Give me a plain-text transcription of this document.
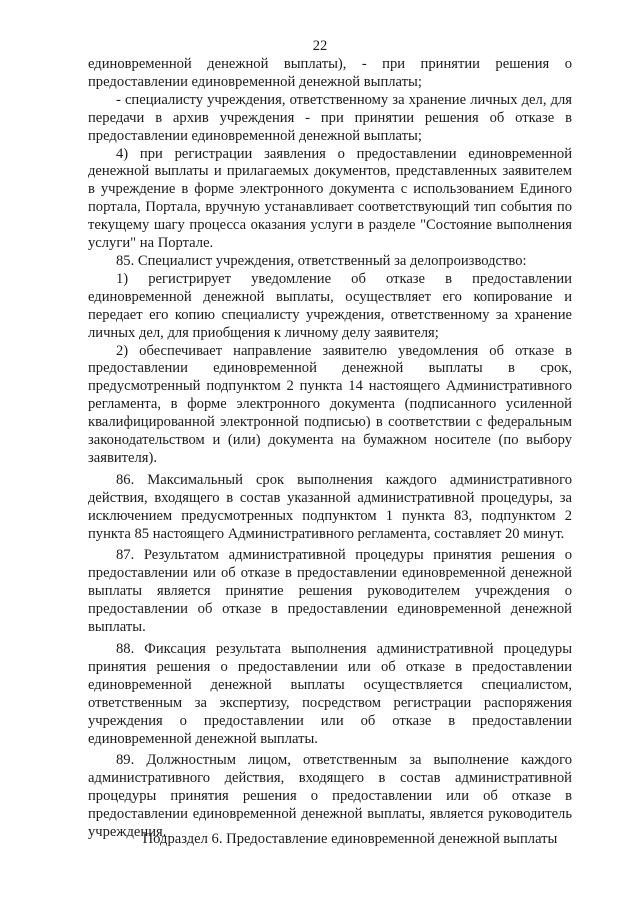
22

единовременной денежной выплаты), - при принятии решения о предоставлении единовременной денежной выплаты;

- специалисту учреждения, ответственному за хранение личных дел, для передачи в архив учреждения - при принятии решения об отказе в предоставлении единовременной денежной выплаты;

4) при регистрации заявления о предоставлении единовременной денежной выплаты и прилагаемых документов, представленных заявителем в учреждение в форме электронного документа с использованием Единого портала, Портала, вручную устанавливает соответствующий тип события по текущему шагу процесса оказания услуги в разделе "Состояние выполнения услуги" на Портале.

85. Специалист учреждения, ответственный за делопроизводство:

1) регистрирует уведомление об отказе в предоставлении единовременной денежной выплаты, осуществляет его копирование и передает его копию специалисту учреждения, ответственному за хранение личных дел, для приобщения к личному делу заявителя;

2) обеспечивает направление заявителю уведомления об отказе в предоставлении единовременной денежной выплаты в срок, предусмотренный подпунктом 2 пункта 14 настоящего Административного регламента, в форме электронного документа (подписанного усиленной квалифицированной электронной подписью) в соответствии с федеральным законодательством и (или) документа на бумажном носителе (по выбору заявителя).

86. Максимальный срок выполнения каждого административного действия, входящего в состав указанной административной процедуры, за исключением предусмотренных подпунктом 1 пункта 83, подпунктом 2 пункта 85 настоящего Административного регламента, составляет 20 минут.

87. Результатом административной процедуры принятия решения о предоставлении или об отказе в предоставлении единовременной денежной выплаты является принятие решения руководителем учреждения о предоставлении об отказе в предоставлении единовременной денежной выплаты.

88. Фиксация результата выполнения административной процедуры принятия решения о предоставлении или об отказе в предоставлении единовременной денежной выплаты осуществляется специалистом, ответственным за экспертизу, посредством регистрации распоряжения учреждения о предоставлении или об отказе в предоставлении единовременной денежной выплаты.

89. Должностным лицом, ответственным за выполнение каждого административного действия, входящего в состав административной процедуры принятия решения о предоставлении или об отказе в предоставлении единовременной денежной выплаты, является руководитель учреждения.

Подраздел 6. Предоставление единовременной денежной выплаты
